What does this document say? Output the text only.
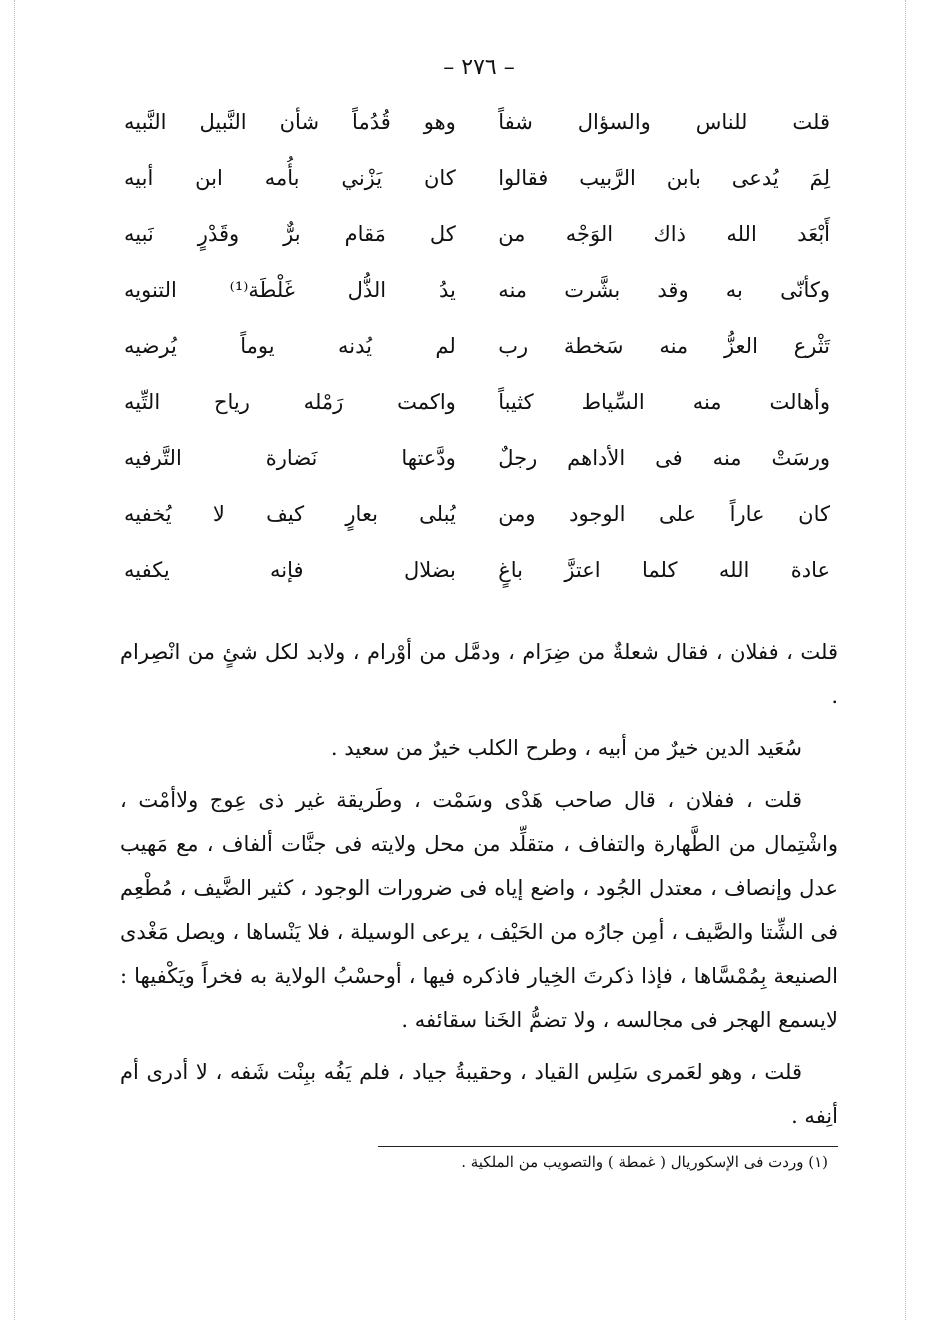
– ٢٧٦ –
قلت للناس والسؤال شفاً
وهو قُدُماً شأن النَّبيل النَّبيه
لِمَ يُدعى بابن الرَّبيب فقالوا
كان يَزْني بأُمه ابن أبيه
أَبْعَد الله ذاك الوَجْه من
كل مَقام برٌّ وقَدْرٍ نَبيه
وكأنّى به وقد بشَّرت منه
يدُ الذُّل غَلْطَة⁽¹⁾ التنويه
تَثْرع العزُّ منه سَخطة رب
لم يُدنه يوماً يُرضيه
وأهالت منه السِّياط كثيباً
واكمت رَمْله رياح التِّيه
ورسَتْ منه فى الأداهم رجلٌ
ودَّعتها نَضارة التَّرفيه
كان عاراً على الوجود ومن
يُبلى بعارٍ كيف لا يُخفيه
عادة الله كلما اعتزَّ باغٍ
بضلال فإنه يكفيه

قلت ، ففلان ، فقال شعلةٌ من ضِرَام ، ودمَّل من أوْرام ، ولابد لكل شئٍ من انْصِرام .

سُعَيد الدين خيرٌ من أبيه ، وطرح الكلب خيرٌ من سعيد .

قلت ، ففلان ، قال صاحب هَدْى وسَمْت ، وطَريقة غير ذى عِوج ولاأمْت ، واشْتِمال من الطَّهارة والتفاف ، متقلِّد من محل ولايته فى جنَّات ألفاف ، مع مَهيب عدل وإنصاف ، معتدل الجُود ، واضع إياه فى ضرورات الوجود ، كثير الضَّيف ، مُطْعِم فى الشِّتا والصَّيف ، أمِن جارُه من الحَيْف ، يرعى الوسيلة ، فلا يَنْساها ، ويصل مَغْدى الصنيعة بِمُمْسَّاها ، فإذا ذكرتَ الخِيار فاذكره فيها ، أوحسْبُ الولاية به فخراً ويَكْفيها : لايسمع الهجر فى مجالسه ، ولا تضمُّ الخَنا سقائفه .

قلت ، وهو لعَمرى سَلِس القياد ، وحقيبةُ جياد ، فلم يَفُه ببِنْت شَفه ، لا أدرى أم أنِفه .

(١) وردت فى الإسكوريال ( غمطة ) والتصويب من الملكية .
